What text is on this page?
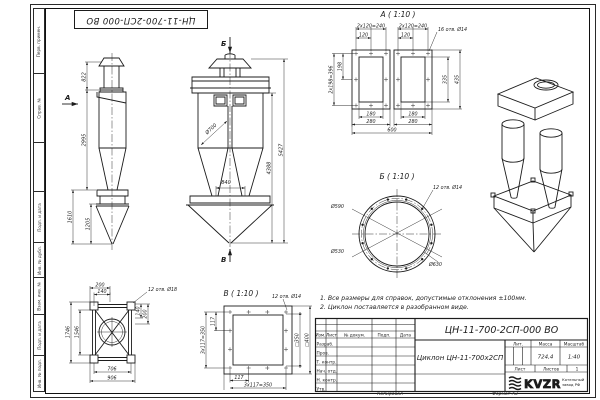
Перв. примен.
Справ. №
Подп. и дата
Инв. № дубл.
Взам. инв. №
Подп. и дата
Инв. № подл.
ЦН-11-700-2СП-000 ВО
822
2995
1610
1205
А
Ø700
840
4388
5427
Б
В
А ( 1:10 )
2x120=240	2x120=240
120	120
16 отв. Ø14
2x198=396 198
335 435
180	180
280	280
600
Б ( 1:10 )
Ø590
Ø530
Ø630
12 отв. Ø14
В ( 1:10 )
117
3x117=350	□350 □400
117
3x117=350
12 отв. Ø14
200
140	12 отв. Ø18
140 200
1746 1546
706
906
1. Все размеры для справок, допустимые отклонения ±100мм.
2. Циклон поставляется в разобранном виде.
Изм. Лист № докум.	Подп. Дата
Разраб.
Пров.
Т. контр.
Нач. отд.
Н. контр.
Утв.
Лит.	Масса	Масштаб
Лист	Листов	1
ЦН-11-700-2СП-000 ВО
Циклон ЦН-11-700х2СП	724,4	1:40
KVZR Котельный
завод РФ
Копировал	Формат А3
